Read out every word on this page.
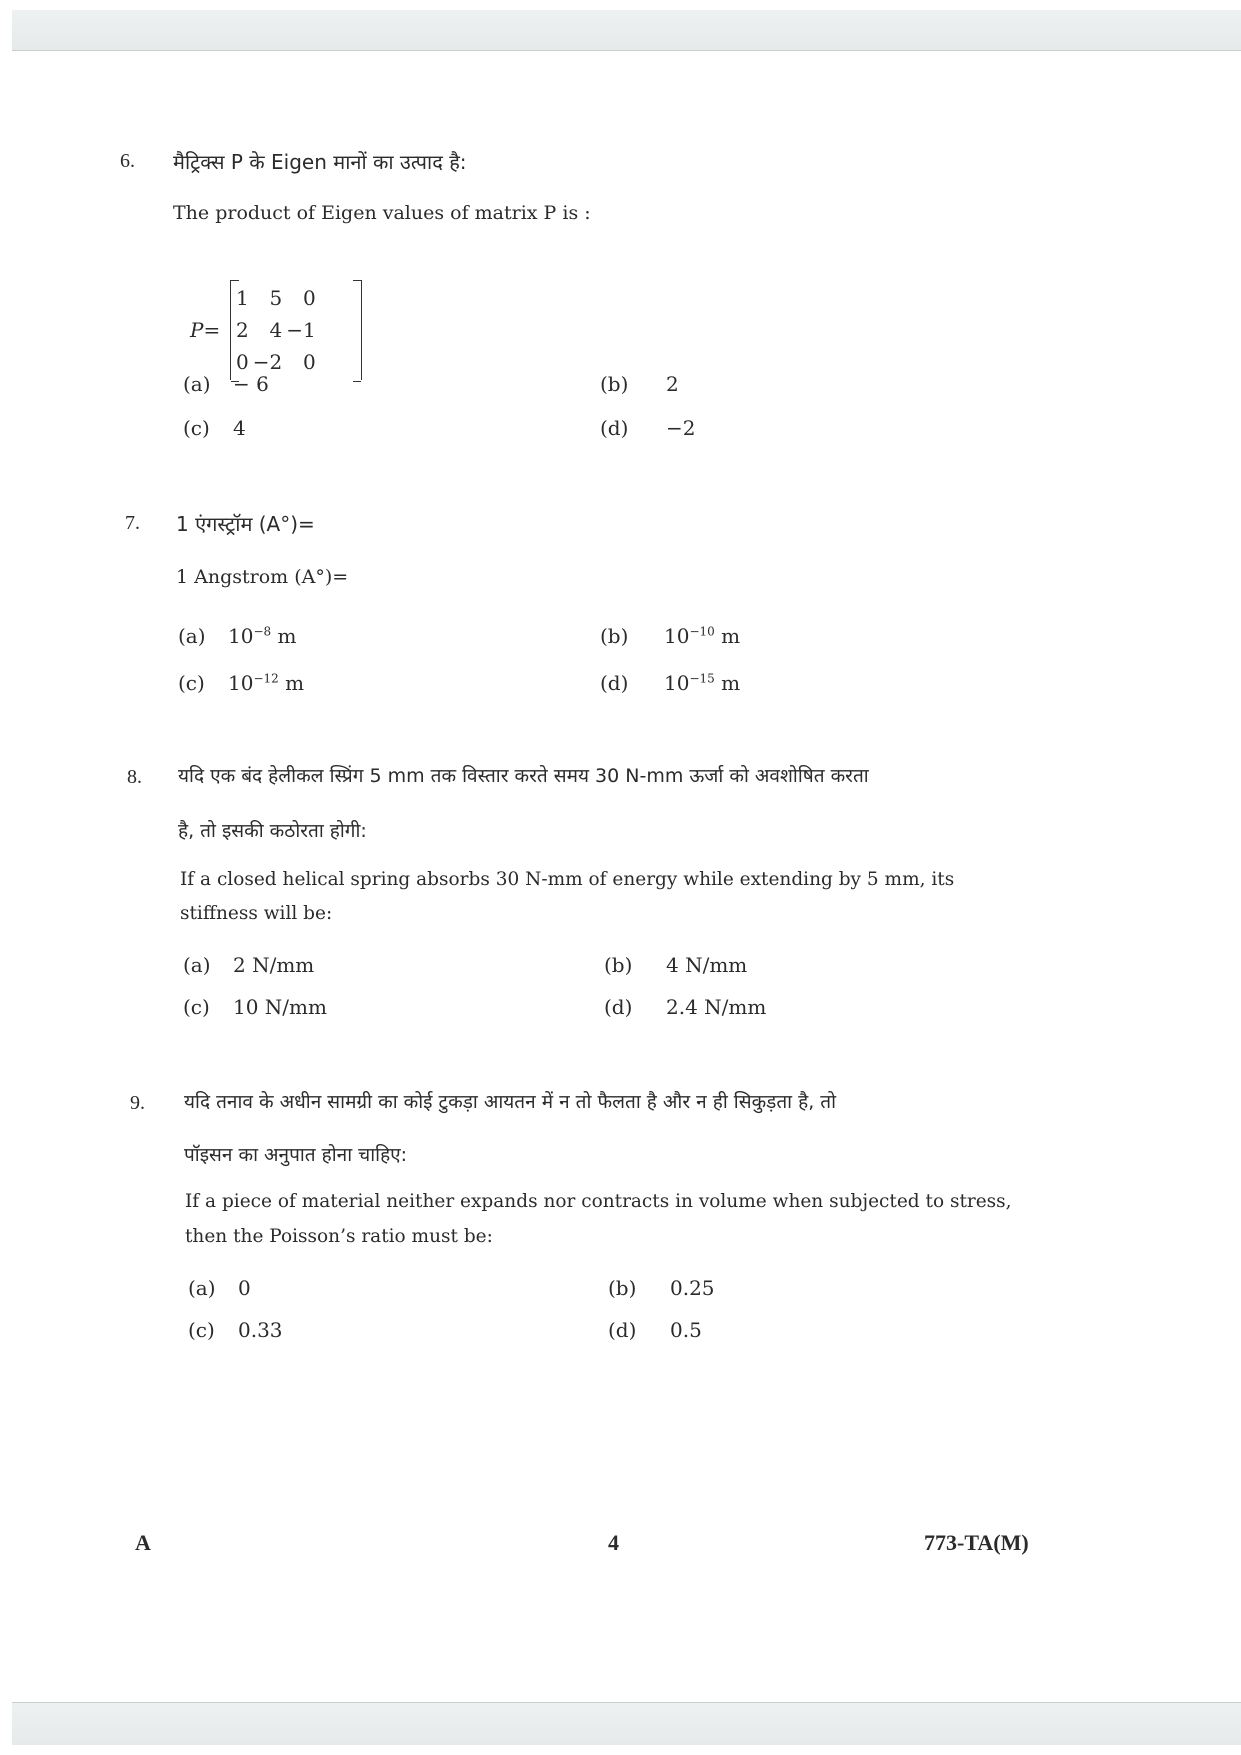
6. मैट्रिक्स P के Eigen मानों का उत्पाद है:
The product of Eigen values of matrix P is :
P=
1	5	0
2	4	−1
0	−2	0
(a) − 6	(b) 2
(c) 4	(d) −2
7. 1 एंगस्ट्रॉम (A°)=
1 Angstrom (A°)=
(a) $10^{-8}$ m	(b) $10^{-10}$ m
(c) $10^{-12}$ m	(d) $10^{-15}$ m
8. यदि एक बंद हेलीकल स्प्रिंग 5 mm तक विस्तार करते समय 30 N-mm ऊर्जा को अवशोषित करता
है, तो इसकी कठोरता होगी:
If a closed helical spring absorbs 30 N-mm of energy while extending by 5 mm, its
stiffness will be:
(a) 2 N/mm	(b) 4 N/mm
(c) 10 N/mm	(d) 2.4 N/mm
9. यदि तनाव के अधीन सामग्री का कोई टुकड़ा आयतन में न तो फैलता है और न ही सिकुड़ता है, तो
पॉइसन का अनुपात होना चाहिए:
If a piece of material neither expands nor contracts in volume when subjected to stress,
then the Poisson’s ratio must be:
(a) 0	(b) 0.25
(c) 0.33	(d) 0.5
A	4	773-TA(M)
